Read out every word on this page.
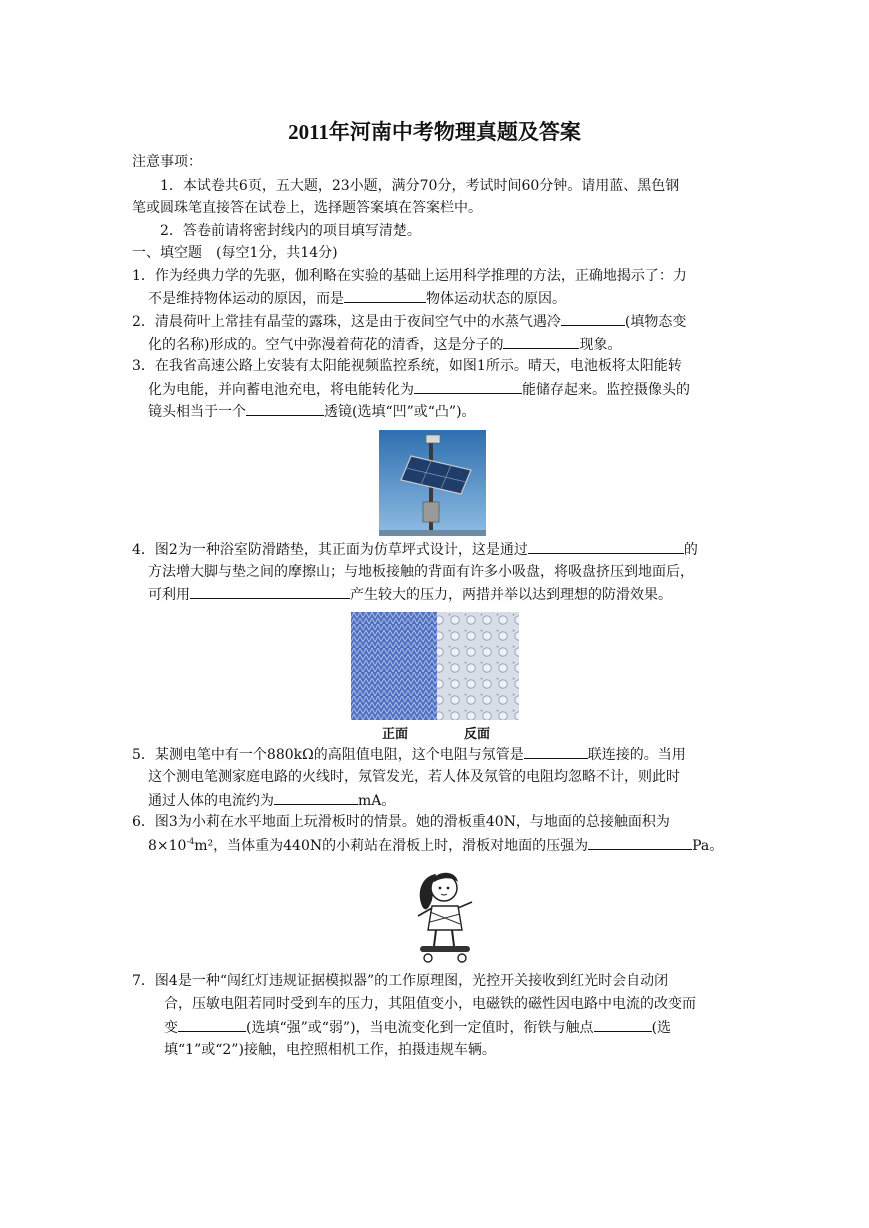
2011年河南中考物理真题及答案
注意事项：
1．本试卷共6页，五大题，23小题，满分70分，考试时间60分钟。请用蓝、黑色钢
笔或圆珠笔直接答在试卷上，选择题答案填在答案栏中。
2．答卷前请将密封线内的项目填写清楚。
一、填空题　(每空1分，共14分)
1．作为经典力学的先驱，伽利略在实验的基础上运用科学推理的方法，正确地揭示了：力
不是维持物体运动的原因，而是	物体运动状态的原因。
2．清晨荷叶上常挂有晶莹的露珠，这是由于夜间空气中的水蒸气遇冷	(填物态变
化的名称)形成的。空气中弥漫着荷花的清香，这是分子的	现象。
3．在我省高速公路上安装有太阳能视频监控系统，如图1所示。晴天，电池板将太阳能转
化为电能，并向蓄电池充电，将电能转化为	能储存起来。监控摄像头的
镜头相当于一个	透镜(选填“凹”或“凸”)。
4．图2为一种浴室防滑踏垫，其正面为仿草坪式设计，这是通过	的
方法增大脚与垫之间的摩擦山；与地板接触的背面有许多小吸盘，将吸盘挤压到地面后，
可利用	产生较大的压力，两措并举以达到理想的防滑效果。
正面	反面
5．某测电笔中有一个880kΩ的高阻值电阻，这个电阻与氖管是	联连接的。当用
这个测电笔测家庭电路的火线时，氖管发光，若人体及氖管的电阻均忽略不计，则此时
通过人体的电流约为	mA。
6．图3为小莉在水平地面上玩滑板时的情景。她的滑板重40N，与地面的总接触面积为
$8\times 10^{-4}m^2$，当体重为440N的小莉站在滑板上时，滑板对地面的压强为	Pa。
7．图4是一种“闯红灯违规证据模拟器”的工作原理图，光控开关接收到红光时会自动闭
合，压敏电阻若同时受到车的压力，其阻值变小，电磁铁的磁性因电路中电流的改变而
变	(选填“强”或“弱”)，当电流变化到一定值时，衔铁与触点	(选
填“1”或“2”)接触，电控照相机工作，拍摄违规车辆。
